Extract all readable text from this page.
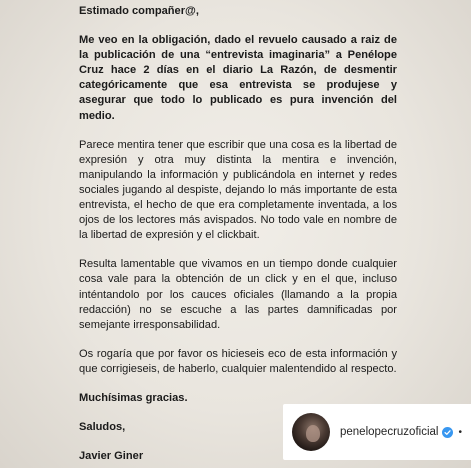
Estimado compañer@,

Me veo en la obligación, dado el revuelo causado a raiz de la publicación de una “entrevista imaginaria” a Penélope Cruz hace 2 días en el diario La Razón, de desmentir categóricamente que esa entrevista se produjese y asegurar que todo lo publicado es pura invención del medio.

Parece mentira tener que escribir que una cosa es la libertad de expresión y otra muy distinta la mentira e invención, manipulando la información y publicándola en internet y redes sociales jugando al despiste, dejando lo más importante de esta entrevista, el hecho de que era completamente inventada, a los ojos de los lectores más avispados. No todo vale en nombre de la libertad de expresión y el clickbait.

Resulta lamentable que vivamos en un tiempo donde cualquier cosa vale para la obtención de un click y en el que, incluso inténtandolo por los cauces oficiales (llamando a la propia redacción) no se escuche a las partes damnificadas por semejante irresponsabilidad.

Os rogaría que por favor os hicieseis eco de esta información y que corrigieseis, de haberlo, cualquier malentendido al respecto.

Muchísimas gracias.

Saludos,

Javier Giner

penelopecruzoficial •
